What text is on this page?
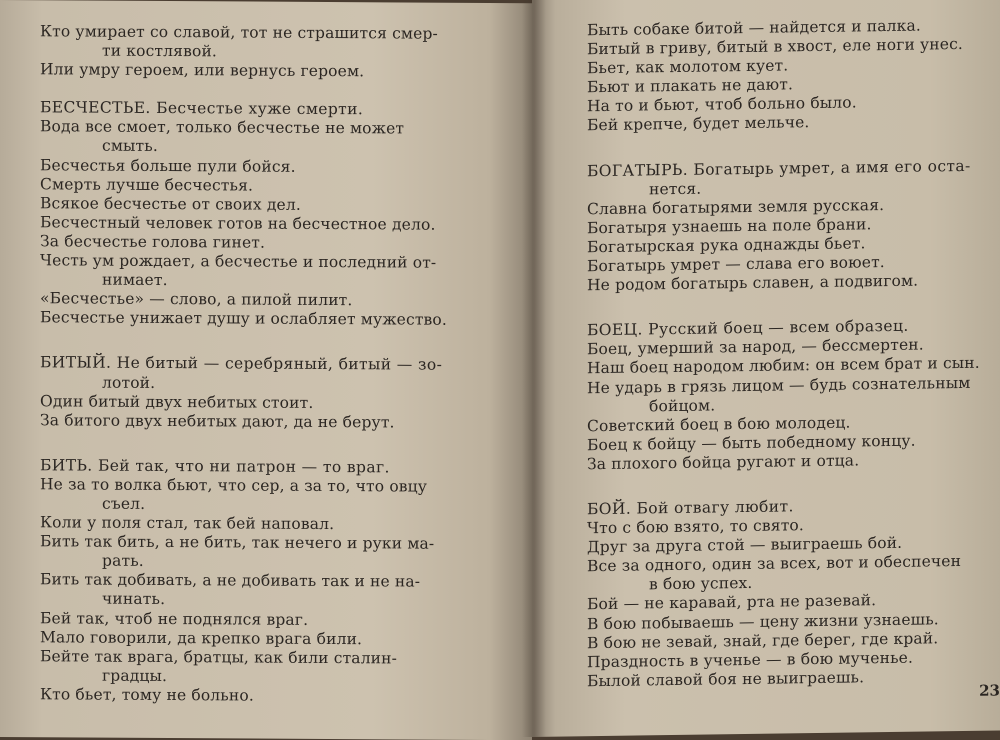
Кто умирает со славой, тот не страшится смер-
ти костлявой.
Или умру героем, или вернусь героем.
БЕСЧЕСТЬЕ. Бесчестье хуже смерти.
Вода все смоет, только бесчестье не может
смыть.
Бесчестья больше пули бойся.
Смерть лучше бесчестья.
Всякое бесчестье от своих дел.
Бесчестный человек готов на бесчестное дело.
За бесчестье голова гинет.
Честь ум рождает, а бесчестье и последний от-
нимает.
«Бесчестье» — слово, а пилой пилит.
Бесчестье унижает душу и ослабляет мужество.
БИТЫЙ. Не битый — серебряный, битый — зо-
лотой.
Один битый двух небитых стоит.
За битого двух небитых дают, да не берут.
БИТЬ. Бей так, что ни патрон — то враг.
Не за то волка бьют, что сер, а за то, что овцу
съел.
Коли у поля стал, так бей наповал.
Бить так бить, а не бить, так нечего и руки ма-
рать.
Бить так добивать, а не добивать так и не на-
чинать.
Бей так, чтоб не поднялся враг.
Мало говорили, да крепко врага били.
Бейте так врага, братцы, как били сталин-
градцы.
Кто бьет, тому не больно.
Быть собаке битой — найдется и палка.
Битый в гриву, битый в хвост, еле ноги унес.
Бьет, как молотом кует.
Бьют и плакать не дают.
На то и бьют, чтоб больно было.
Бей крепче, будет мельче.
БОГАТЫРЬ. Богатырь умрет, а имя его оста-
нется.
Славна богатырями земля русская.
Богатыря узнаешь на поле брани.
Богатырская рука однажды бьет.
Богатырь умрет — слава его воюет.
Не родом богатырь славен, а подвигом.
БОЕЦ. Русский боец — всем образец.
Боец, умерший за народ, — бессмертен.
Наш боец народом любим: он всем брат и сын.
Не ударь в грязь лицом — будь сознательным
бойцом.
Советский боец в бою молодец.
Боец к бойцу — быть победному концу.
За плохого бойца ругают и отца.
БОЙ. Бой отвагу любит.
Что с бою взято, то свято.
Друг за друга стой — выиграешь бой.
Все за одного, один за всех, вот и обеспечен
в бою успех.
Бой — не каравай, рта не разевай.
В бою побываешь — цену жизни узнаешь.
В бою не зевай, знай, где берег, где край.
Праздность в ученье — в бою мученье.
Былой славой боя не выиграешь.
23
